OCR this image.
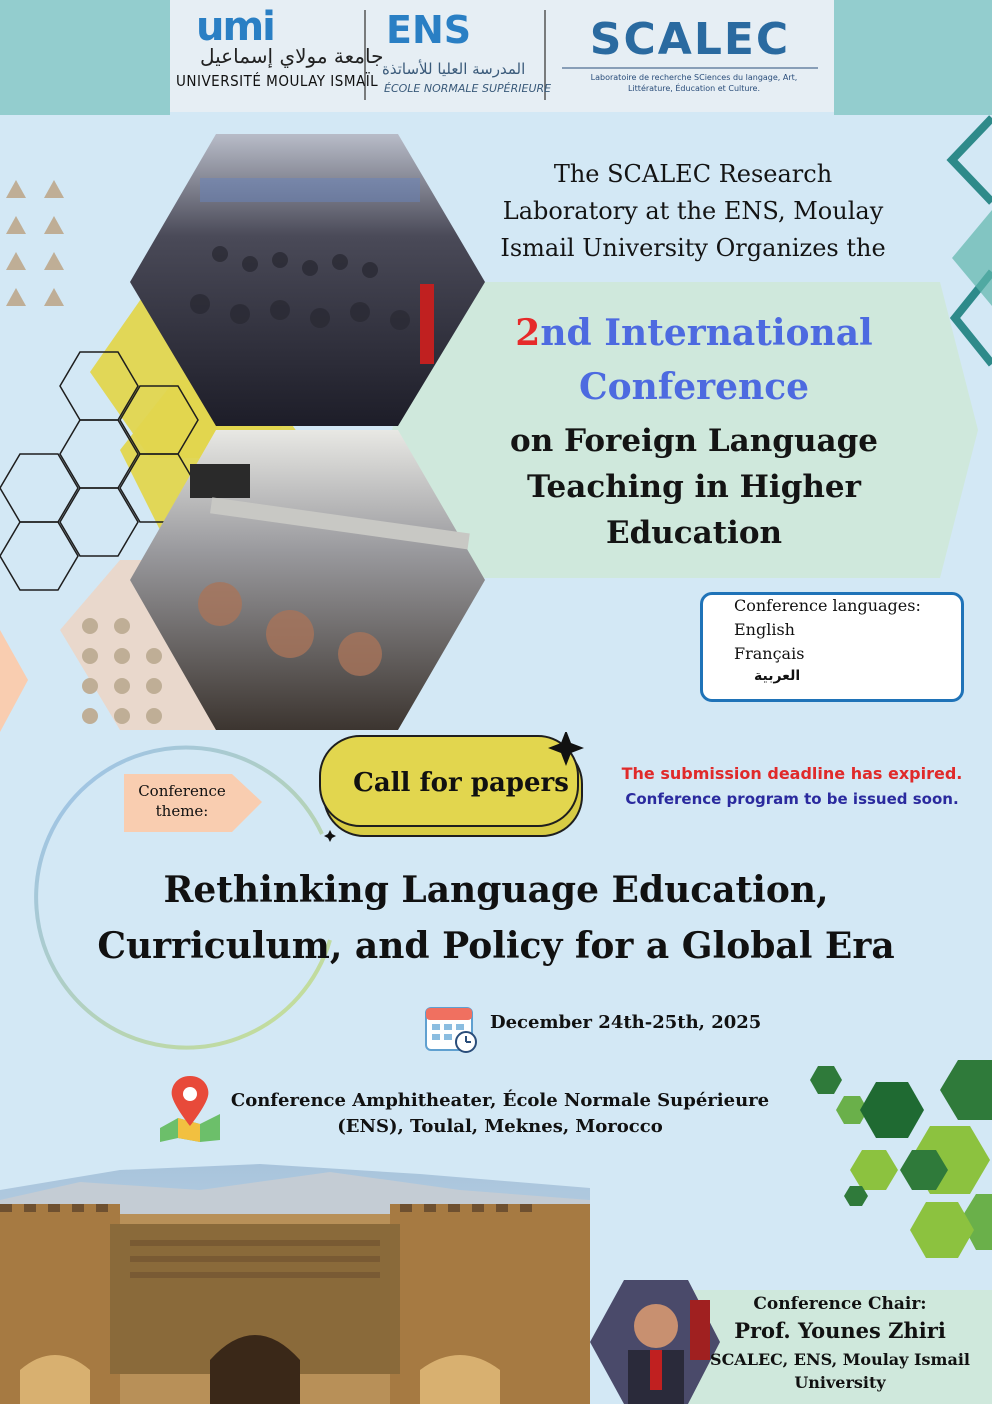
umi
جامعة مولاي إسماعيل
UNIVERSITÉ MOULAY ISMAÏL
ENS
المدرسة العليا للأساتذة
ÉCOLE NORMALE SUPÉRIEURE
SCALEC
Laboratoire de recherche SCiences du langage, Art, Littérature, Éducation et Culture.
The SCALEC Research
Laboratory at the ENS, Moulay
Ismail University Organizes the
2nd International
Conference
on Foreign Language
Teaching in Higher
Education
Conference languages:
English
Français
العربية
Conference
theme:
Call for papers	The submission deadline has expired.
Conference program to be issued soon.
Rethinking Language Education,
Curriculum, and Policy for a Global Era
December 24th-25th, 2025
Conference Amphitheater, École Normale Supérieure
(ENS), Toulal, Meknes, Morocco
Conference Chair:
Prof. Younes Zhiri
SCALEC, ENS, Moulay Ismail
University
